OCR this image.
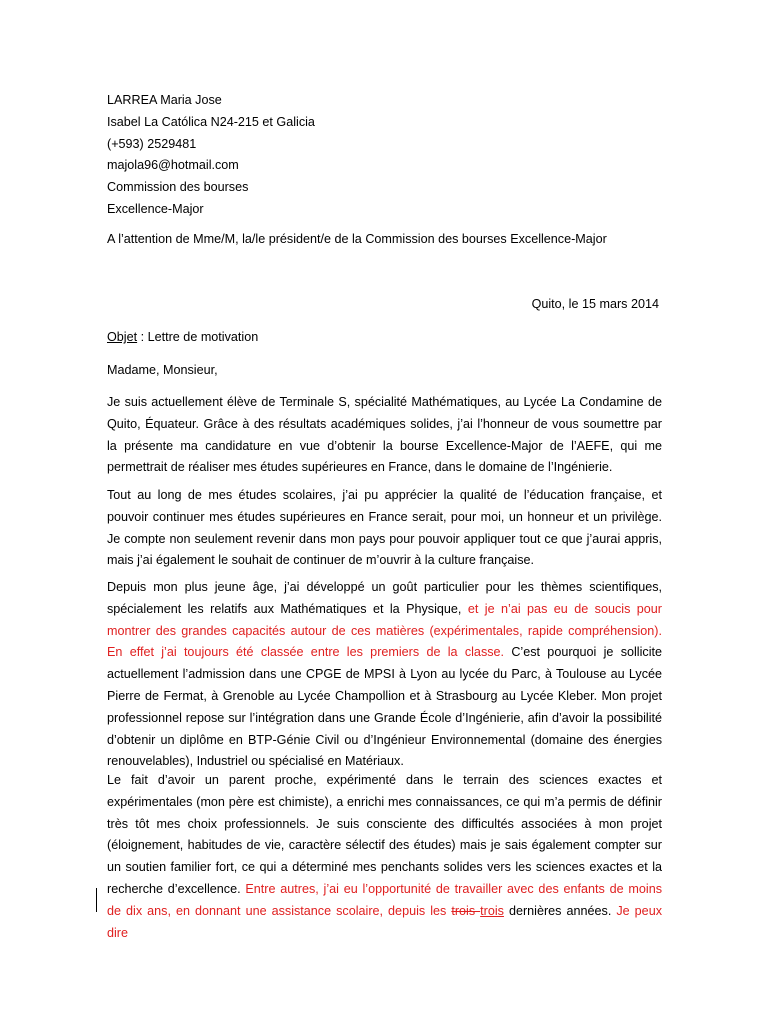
LARREA Maria Jose
Isabel La Católica N24-215 et Galicia
(+593) 2529481
majola96@hotmail.com
Commission des bourses
Excellence-Major
A l’attention de Mme/M, la/le président/e de la Commission des bourses Excellence-Major
Quito, le 15 mars 2014
Objet : Lettre de motivation
Madame, Monsieur,

Je suis actuellement élève de Terminale S, spécialité Mathématiques, au Lycée La Condamine de Quito, Équateur. Grâce à des résultats académiques solides, j’ai l’honneur de vous soumettre par la présente ma candidature en vue d’obtenir la bourse Excellence-Major de l’AEFE, qui me permettrait de réaliser mes études supérieures en France, dans le domaine de l’Ingénierie.

Tout au long de mes études scolaires, j’ai pu apprécier la qualité de l’éducation française, et pouvoir continuer mes études supérieures en France serait, pour moi, un honneur et un privilège. Je compte non seulement revenir dans mon pays pour pouvoir appliquer tout ce que j’aurai appris, mais j’ai également le souhait de continuer de m’ouvrir à la culture française.

Depuis mon plus jeune âge, j’ai développé un goût particulier pour les thèmes scientifiques, spécialement les relatifs aux Mathématiques et la Physique, et je n’ai pas eu de soucis pour montrer des grandes capacités autour de ces matières (expérimentales, rapide compréhension). En effet j’ai toujours été classée entre les premiers de la classe. C’est pourquoi je sollicite actuellement l’admission dans une CPGE de MPSI à Lyon au lycée du Parc, à Toulouse au Lycée Pierre de Fermat, à Grenoble au Lycée Champollion et à Strasbourg au Lycée Kleber. Mon projet professionnel repose sur l’intégration dans une Grande École d’Ingénierie, afin d’avoir la possibilité d’obtenir un diplôme en BTP-Génie Civil ou d’Ingénieur Environnemental (domaine des énergies renouvelables), Industriel ou spécialisé en Matériaux.

Le fait d’avoir un parent proche, expérimenté dans le terrain des sciences exactes et expérimentales (mon père est chimiste), a enrichi mes connaissances, ce qui m’a permis de définir très tôt mes choix professionnels. Je suis consciente des difficultés associées à mon projet (éloignement, habitudes de vie, caractère sélectif des études) mais je sais également compter sur un soutien familier fort, ce qui a déterminé mes penchants solides vers les sciences exactes et la recherche d’excellence. Entre autres, j’ai eu l’opportunité de travailler avec des enfants de moins de dix ans, en donnant une assistance scolaire, depuis les trois trois dernières années. Je peux dire
